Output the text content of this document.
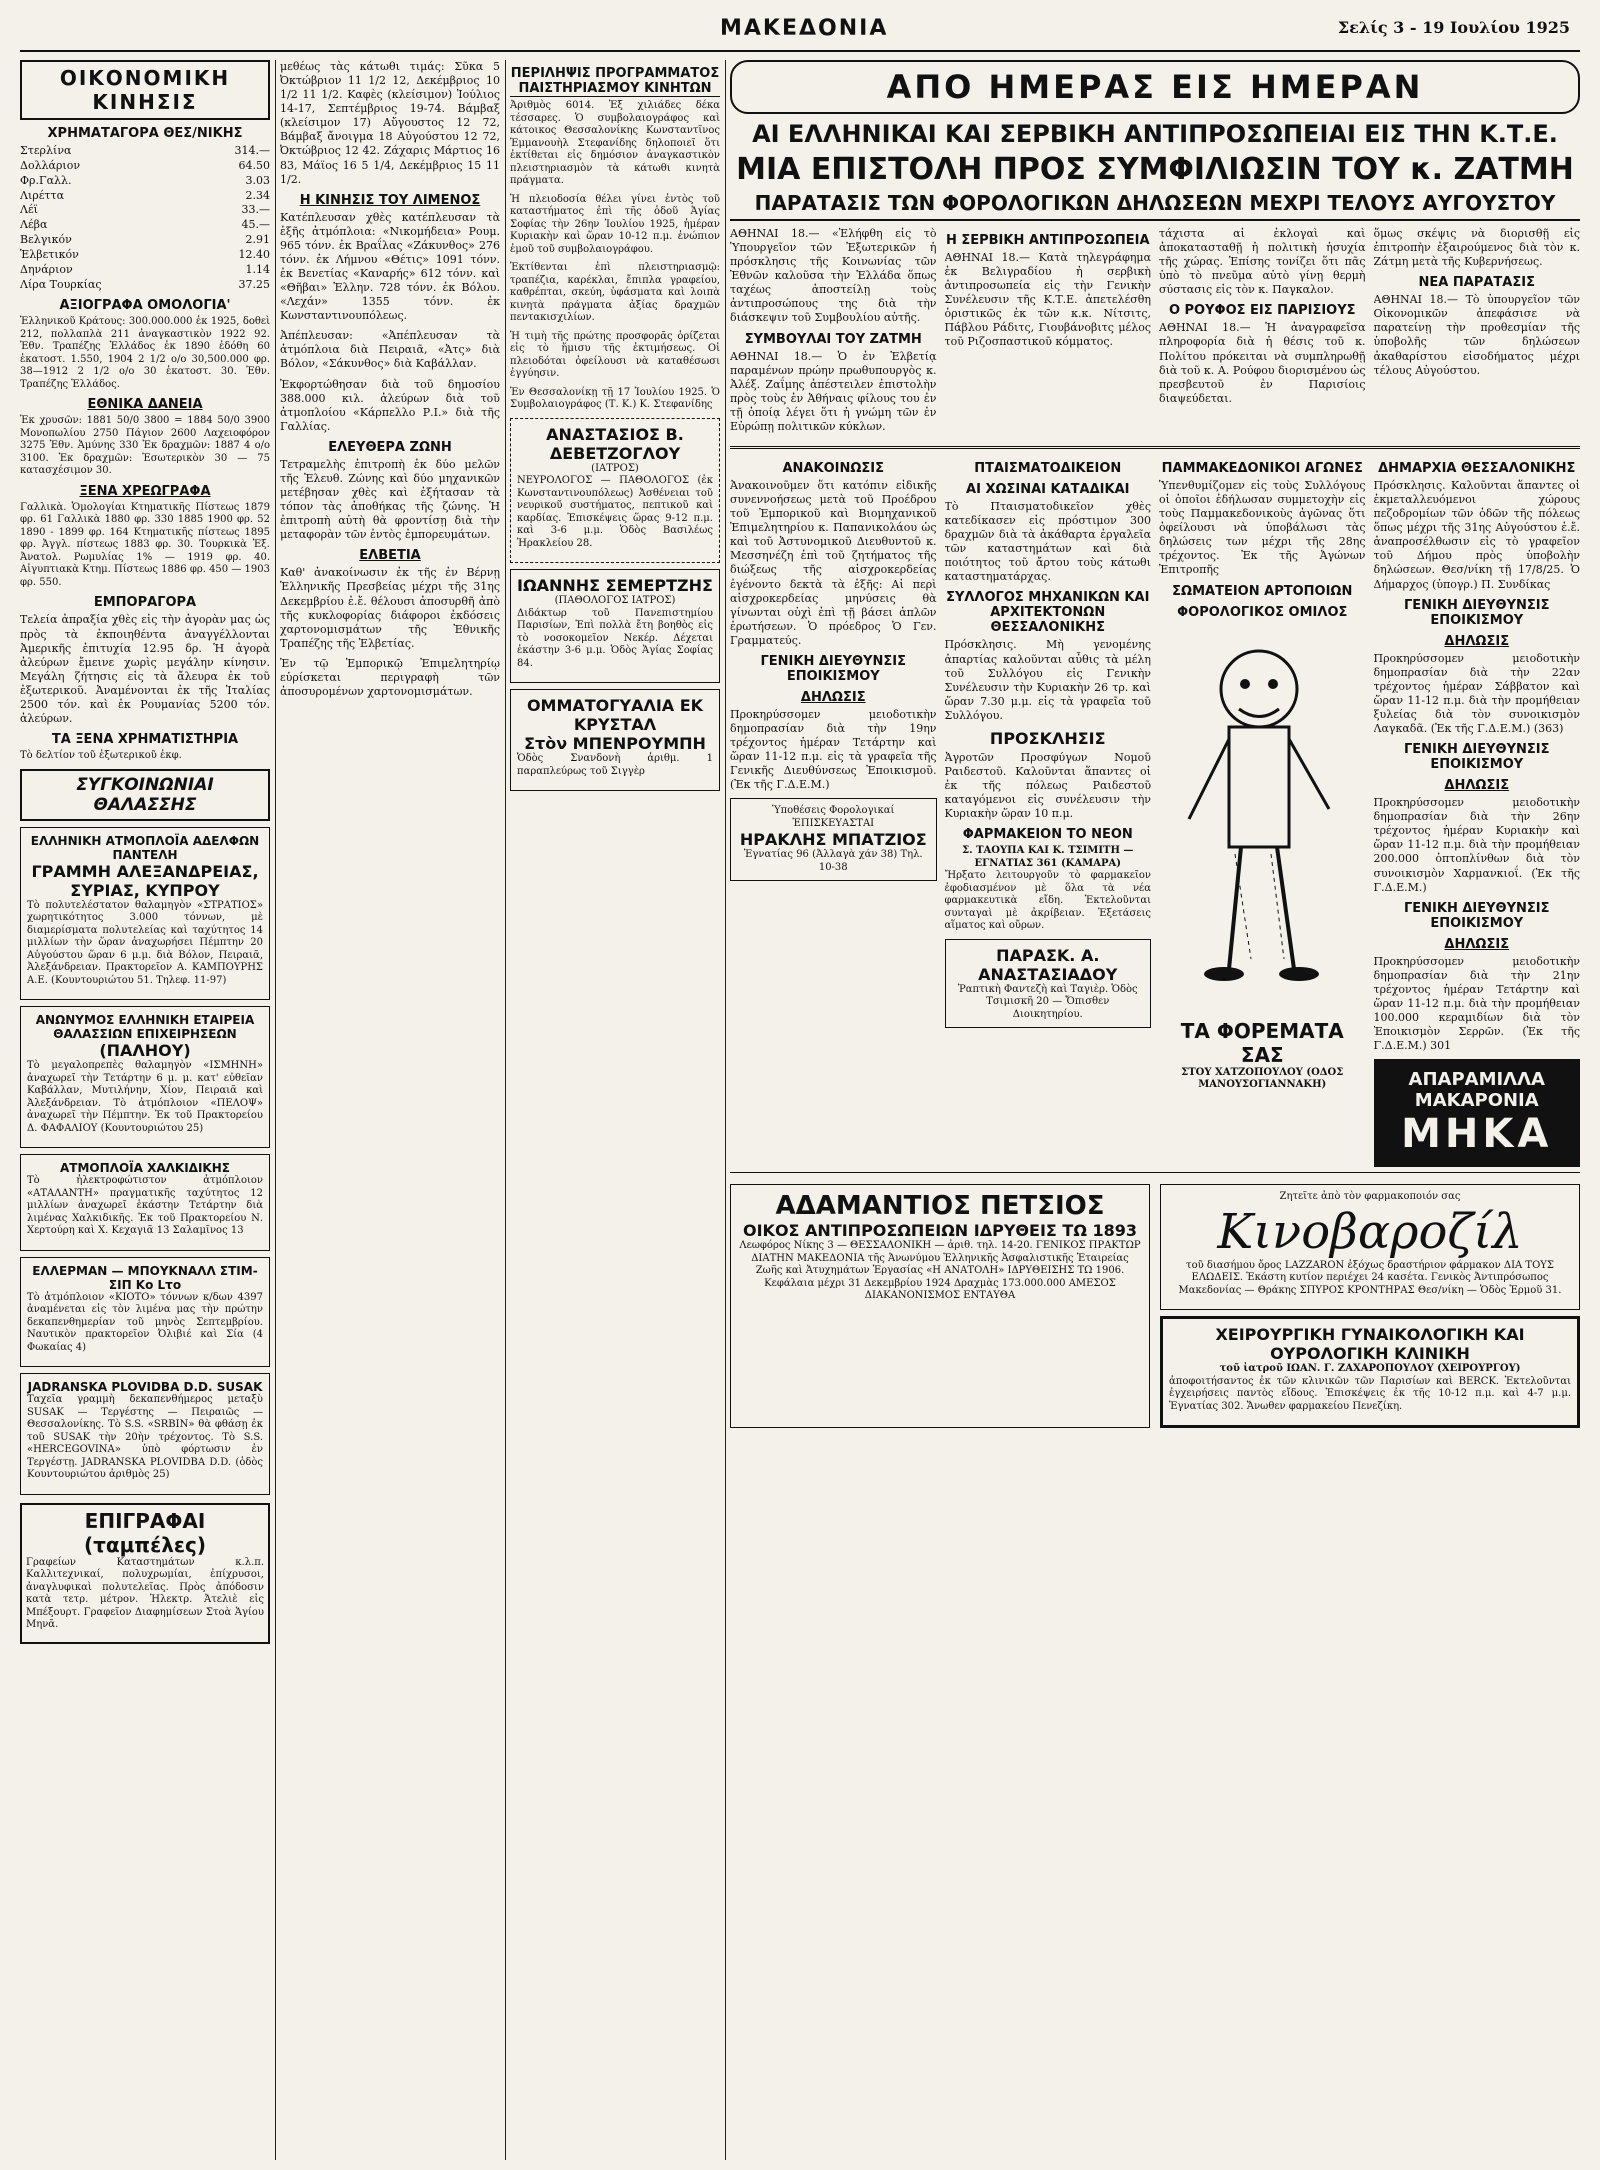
ΜΑΚΕΔΟΝΙΑ	Σελίς 3 - 19 Ιουλίου 1925
ΟΙΚΟΝΟΜΙΚΗ ΚΙΝΗΣΙΣ
ΧΡΗΜΑΤΑΓΟΡΑ ΘΕΣ/ΝΙΚΗΣ
Στερλίνα	314.—
Δολλάριον	64.50
Φρ.Γαλλ.	3.03
Λιρέττα	2.34
Λέϊ	33.—
Λέβα	45.—
Βελγικόν	2.91
Ἑλβετικόν	12.40
Δηνάριον	1.14
Λίρα Τουρκίας	37.25
ΑΞΙΟΓΡΑΦΑ ΟΜΟΛΟΓΙΑ'

Ἑλληνικοῦ Κράτους: 300.000.000 ἐκ 1925, δοθεὶ 212, πολλαπλὰ 211 ἀναγκαστικὸν 1922 92. Ἐθν. Τραπέζης Ἑλλάδος ἐκ 1890 ἐδόθη 60 ἑκατοστ. 1.550, 1904 2 1/2 ο/ο 30,500.000 φρ. 38—1912 2 1/2 ο/ο 30 ἑκατοστ. 30. Ἐθν. Τραπέζης Ἑλλάδος.

ΕΘΝΙΚΑ ΔΑΝΕΙΑ

Ἐκ χρυσῶν: 1881 50/0 3800 = 1884 50/0 3900 Μονοπωλίου 2750 Πάγιον 2600 Λαχειοφόρον 3275 Ἐθν. Ἀμύνης 330 Ἐκ δραχμῶν: 1887 4 ο/ο 3100. Ἐκ δραχμῶν: Ἐσωτερικὸν 30 — 75 κατασχέσιμον 30.

ΞΕΝΑ ΧΡΕΩΓΡΑΦΑ

Γαλλικὰ. Ὁμολογίαι Κτηματικῆς Πίστεως 1879 φρ. 61 Γαλλικὰ 1880 φρ. 330 1885 1900 φρ. 52 1890 - 1899 φρ. 164 Κτηματικῆς πίστεως 1895 φρ. Ἀγγλ. πίστεως 1883 φρ. 30. Τουρκικὰ Ἐξ. Ἀνατολ. Ρωμυλίας 1% — 1919 φρ. 40. Αἰγυπτιακὰ Κτημ. Πίστεως 1886 φρ. 450 — 1903 φρ. 550.

ΕΜΠΟΡΑΓΟΡΑ

Τελεία ἀπραξία χθὲς εἰς τὴν ἀγορὰν μας ὡς πρὸς τὰ ἐκποιηθέντα ἀναγγέλλονται Ἀμερικῆς ἐπιτυχία 12.95 δρ. Ἡ ἀγορὰ ἀλεύρων ἔμεινε χωρὶς μεγάλην κίνησιν. Μεγάλη ζήτησις εἰς τὰ ἄλευρα ἐκ τοῦ ἐξωτερικοῦ. Ἀναμένονται ἐκ τῆς Ἰταλίας 2500 τόν. καὶ ἐκ Ρουμανίας 5200 τόν. ἀλεύρων.

ΤΑ ΞΕΝΑ ΧΡΗΜΑΤΙΣΤΗΡΙΑ

Τὸ δελτίον τοῦ ἐξωτερικοῦ ἐκφ.

ΣΥΓΚΟΙΝΩΝΙΑΙ ΘΑΛΑΣΣΗΣ
ΕΛΛΗΝΙΚΗ ΑΤΜΟΠΛΟΪΑ ΑΔΕΛΦΩΝ ΠΑΝΤΕΛΗ
ΓΡΑΜΜΗ ΑΛΕΞΑΝΔΡΕΙΑΣ, ΣΥΡΙΑΣ, ΚΥΠΡΟΥ
Τὸ πολυτελέστατον θαλαμηγὸν «ΣΤΡΑΤΙΟΣ» χωρητικότητος 3.000 τόννων, μὲ διαμερίσματα πολυτελείας καὶ ταχύτητος 14 μιλλίων τὴν ὥραν ἀναχωρήσει Πέμπτην 20 Αὐγούστου ὥραν 6 μ.μ. διὰ Βόλον, Πειραιᾶ, Ἀλεξάνδρειαν. Πρακτορεῖον Α. ΚΑΜΠΟΥΡΗΣ Α.Ε. (Κουντουριώτου 51. Τηλεφ. 11-97)
ΑΝΩΝΥΜΟΣ ΕΛΛΗΝΙΚΗ ΕΤΑΙΡΕΙΑ ΘΑΛΑΣΣΙΩΝ ΕΠΙΧΕΙΡΗΣΕΩΝ
(ΠΑΛΗΟΥ)
Τὸ μεγαλοπρεπὲς θαλαμηγὸν «ΙΣΜΗΝΗ» ἀναχωρεῖ τὴν Τετάρτην 6 μ. μ. κατ' εὐθεῖαν Καβάλλαν, Μυτιλήνην, Χίον, Πειραιᾶ καὶ Ἀλεξάνδρειαν. Τὸ ἀτμόπλοιον «ΠΕΛΟΨ» ἀναχωρεῖ τὴν Πέμπτην. Ἐκ τοῦ Πρακτορείου Δ. ΦΑΦΑΛΙΟΥ (Κουντουριώτου 25)
ΑΤΜΟΠΛΟΪΑ ΧΑΛΚΙΔΙΚΗΣ
Τὸ ἠλεκτροφώτιστον ἀτμόπλοιον «ΑΤΑΛΑΝΤΗ» πραγματικῆς ταχύτητος 12 μιλλίων ἀναχωρεῖ ἑκάστην Τετάρτην διὰ λιμένας Χαλκιδικῆς. Ἐκ τοῦ Πρακτορείου Ν. Χερτούρη καὶ Χ. Κεχαγιᾶ 13 Σαλαμῖνος 13
ΕΛΛΕΡΜΑΝ — ΜΠΟΥΚΝΑΛΛ ΣΤΙΜ-ΣΙΠ Κο Lτο
Τὸ ἀτμόπλοιον «ΚΙΟΤΟ» τόννων κ/δων 4397 ἀναμένεται εἰς τὸν λιμένα μας τὴν πρώτην δεκαπενθημερίαν τοῦ μηνὸς Σεπτεμβρίου. Ναυτικὸν πρακτορεῖον Ὀλιβιέ καὶ Σία (4 Φωκαίας 4)
JADRANSKA PLOVIDBA D.D. SUSAK
Ταχεῖα γραμμὴ δεκαπενθήμερος μεταξὺ SUSAK — Τεργέστης — Πειραιῶς — Θεσσαλονίκης. Τὸ S.S. «SRBIN» θὰ φθάσῃ ἐκ τοῦ SUSAK τὴν 20ὴν τρέχοντος. Τὸ S.S. «HERCEGOVINA» ὑπὸ φόρτωσιν ἐν Τεργέστῃ. JADRANSKA PLOVIDBA D.D. (ὁδὸς Κουντουριώτου ἀριθμὸς 25)
ΕΠΙΓΡΑΦΑΙ (ταμπέλες)

Γραφείων Καταστημάτων κ.λ.π. Καλλιτεχνικαί, πολυχρωμίαι, ἐπίχρυσοι, ἀναγλυφικαὶ πολυτελεῖας. Πρὸς ἀπόδοσιν κατὰ τετρ. μέτρον. Ἠλεκτρ. Ἀτελιὲ εἰς Μπέξουρτ. Γραφεῖον Διαφημίσεων Στοὰ Ἁγίου Μηνᾶ.

μεθέως τὰς κάτωθι τιμάς: Σῦκα 5 Ὀκτώβριον 11 1/2 12, Δεκέμβριος 10 1/2 11 1/2. Καφὲς (κλείσιμον) Ἰούλιος 14-17, Σεπτέμβριος 19-74. Βάμβαξ (κλείσιμον 17) Αὔγουστος 12 72, Βάμβαξ ἄνοιγμα 18 Αὐγούστου 12 72, Ὀκτώβριος 12 42. Ζάχαρις Μάρτιος 16 83, Μάϊος 16 5 1/4, Δεκέμβριος 15 11 1/2.

Η ΚΙΝΗΣΙΣ ΤΟΥ ΛΙΜΕΝΟΣ

Κατέπλευσαν χθὲς κατέπλευσαν τὰ ἑξῆς ἀτμόπλοια: «Νικομήδεια» Ρουμ. 965 τόνν. ἐκ Βραΐλας «Ζάκυνθος» 276 τόνν. ἐκ Λήμνου «Θέτις» 1091 τόνν. ἐκ Βενετίας «Καναρής» 612 τόνν. καὶ «Θῆβαι» Ἑλλην. 728 τόνν. ἐκ Βόλου. «Λεχάν» 1355 τόνν. ἐκ Κωνσταντινουπόλεως.

Ἀπέπλευσαν: «Ἀπέπλευσαν τὰ ἀτμόπλοια διὰ Πειραιᾶ, «Ἀτς» διὰ Βόλον, «Σάκυνθος» διὰ Καβάλλαν.

Ἐκφορτώθησαν διὰ τοῦ δημοσίου 388.000 κιλ. ἀλεύρων διὰ τοῦ ἀτμοπλοίου «Κάρπελλο Ρ.Ι.» διὰ τῆς Γαλλίας.

ΕΛΕΥΘΕΡΑ ΖΩΝΗ

Τετραμελὴς ἐπιτροπὴ ἐκ δύο μελῶν τῆς Ἐλευθ. Ζώνης καὶ δύο μηχανικῶν μετέβησαν χθὲς καὶ ἐξήτασαν τὰ τόπον τὰς ἀποθήκας τῆς ζώνης. Ἡ ἐπιτροπὴ αὐτὴ θὰ φροντίσῃ διὰ τὴν μεταφορὰν τῶν ἐντὸς ἐμπορευμάτων.

ΕΛΒΕΤΙΑ

Καθ' ἀνακοίνωσιν ἐκ τῆς ἐν Βέρνῃ Ἑλληνικῆς Πρεσβείας μέχρι τῆς 31ης Δεκεμβρίου ἐ.ἔ. θέλουσι ἀποσυρθῆ ἀπὸ τῆς κυκλοφορίας διάφοροι ἐκδόσεις χαρτονομισμάτων τῆς Ἐθνικῆς Τραπέζης τῆς Ἑλβετίας.

Ἐν τῷ Ἐμπορικῷ Ἐπιμελητηρίῳ εὑρίσκεται περιγραφὴ τῶν ἀποσυρομένων χαρτονομισμάτων.

ΠΕΡΙΛΗΨΙΣ ΠΡΟΓΡΑΜΜΑΤΟΣ ΠΑΙΣΤΗΡΙΑΣΜΟΥ ΚΙΝΗΤΩΝ

Ἀριθμὸς 6014. Ἐξ χιλιάδες δέκα τέσσαρες. Ὁ συμβολαιογράφος καὶ κάτοικος Θεσσαλονίκης Κωνσταντῖνος Ἐμμανουὴλ Στεφανίδης δηλοποιεῖ ὅτι ἐκτίθεται εἰς δημόσιον ἀναγκαστικὸν πλειστηριασμὸν τὰ κάτωθι κινητὰ πράγματα.

Ἡ πλειοδοσία θέλει γίνει ἐντὸς τοῦ καταστήματος ἐπὶ τῆς ὁδοῦ Ἁγίας Σοφίας τὴν 26ην Ἰουλίου 1925, ἡμέραν Κυριακὴν καὶ ὥραν 10-12 π.μ. ἐνώπιον ἐμοῦ τοῦ συμβολαιογράφου.

Ἐκτίθενται ἐπὶ πλειστηριασμῷ: τραπέζια, καρέκλαι, ἔπιπλα γραφείου, καθρέπται, σκεύη, ὑφάσματα καὶ λοιπὰ κινητὰ πράγματα ἀξίας δραχμῶν πεντακισχιλίων.

Ἡ τιμὴ τῆς πρώτης προσφορᾶς ὁρίζεται εἰς τὸ ἥμισυ τῆς ἐκτιμήσεως. Οἱ πλειοδόται ὀφείλουσι νὰ καταθέσωσι ἐγγύησιν.

Ἐν Θεσσαλονίκῃ τῇ 17 Ἰουλίου 1925. Ὁ Συμβολαιογράφος (Τ. Κ.) Κ. Στεφανίδης

ΑΝΑΣΤΑΣΙΟΣ Β. ΔΕΒΕΤΖΟΓΛΟΥ
(ΙΑΤΡΟΣ)

ΝΕΥΡΟΛΟΓΟΣ — ΠΑΘΟΛΟΓΟΣ (ἐκ Κωνσταντινουπόλεως) Ἀσθένειαι τοῦ νευρικοῦ συστήματος, πεπτικοῦ καὶ καρδίας. Ἐπισκέψεις ὥρας 9-12 π.μ. καὶ 3-6 μ.μ. Ὁδὸς Βασιλέως Ἡρακλείου 28.

ΙΩΑΝΝΗΣ ΣΕΜΕΡΤΖΗΣ
(ΠΑΘΟΛΟΓΟΣ ΙΑΤΡΟΣ)

Διδάκτωρ τοῦ Πανεπιστημίου Παρισίων, Ἐπὶ πολλὰ ἔτη βοηθὸς εἰς τὸ νοσοκομεῖον Νεκέρ. Δέχεται ἐκάστην 3-6 μ.μ. Ὁδὸς Ἁγίας Σοφίας 84.

ΟΜΜΑΤΟΓΥΑΛΙΑ ΕΚ ΚΡΥΣΤΑΛ
Στὸν ΜΠΕΝΡΟΥΜΠΗ

Ὁδὸς Σνανδονὴ ἀριθμ. 1 παραπλεύρως τοῦ Σιγγὲρ

ΑΠΟ ΗΜΕΡΑΣ ΕΙΣ ΗΜΕΡΑΝ
ΑΙ ΕΛΛΗΝΙΚΑΙ ΚΑΙ ΣΕΡΒΙΚΗ ΑΝΤΙΠΡΟΣΩΠΕΙΑΙ ΕΙΣ ΤΗΝ Κ.Τ.Ε.
ΜΙΑ ΕΠΙΣΤΟΛΗ ΠΡΟΣ ΣΥΜΦΙΛΙΩΣΙΝ ΤΟΥ κ. ΖΑΤΜΗ
ΠΑΡΑΤΑΣΙΣ ΤΩΝ ΦΟΡΟΛΟΓΙΚΩΝ ΔΗΛΩΣΕΩΝ ΜΕΧΡΙ ΤΕΛΟΥΣ ΑΥΓΟΥΣΤΟΥ

ΑΘΗΝΑΙ 18.— «Ἐλήφθη εἰς τὸ Ὑπουργεῖον τῶν Ἐξωτερικῶν ἡ πρόσκλησις τῆς Κοινωνίας τῶν Ἐθνῶν καλοῦσα τὴν Ἑλλάδα ὅπως ταχέως ἀποστείλῃ τοὺς ἀντιπροσώπους της διὰ τὴν διάσκεψιν τοῦ Συμβουλίου αὐτῆς.

ΣΥΜΒΟΥΛΑΙ ΤΟΥ ΖΑΤΜΗ

ΑΘΗΝΑΙ 18.— Ὁ ἐν Ἑλβετίᾳ παραμένων πρώην πρωθυπουργὸς κ. Ἀλέξ. Ζαΐμης ἀπέστειλεν ἐπιστολὴν πρὸς τοὺς ἐν Ἀθήναις φίλους του ἐν τῇ ὁποίᾳ λέγει ὅτι ἡ γνώμη τῶν ἐν Εὐρώπῃ πολιτικῶν κύκλων.

Η ΣΕΡΒΙΚΗ ΑΝΤΙΠΡΟΣΩΠΕΙΑ

ΑΘΗΝΑΙ 18.— Κατὰ τηλεγράφημα ἐκ Βελιγραδίου ἡ σερβικὴ ἀντιπροσωπεία εἰς τὴν Γενικὴν Συνέλευσιν τῆς Κ.Τ.Ε. ἀπετελέσθη ὁριστικῶς ἐκ τῶν κ.κ. Νίτσιτς, Πάβλου Ράδιτς, Γιουβάνοβιτς μέλος τοῦ Ριζοσπαστικοῦ κόμματος.

τάχιστα αἱ ἐκλογαὶ καὶ ἀποκατασταθῇ ἡ πολιτικὴ ἡσυχία τῆς χώρας. Ἐπίσης τονίζει ὅτι πᾶς ὑπὸ τὸ πνεῦμα αὐτὸ γίνῃ θερμὴ σύστασις εἰς τὸν κ. Παγκαλον.

Ο ΡΟΥΦΟΣ ΕΙΣ ΠΑΡΙΣΙΟΥΣ

ΑΘΗΝΑΙ 18.— Ἡ ἀναγραφεῖσα πληροφορία διὰ ἡ θέσις τοῦ κ. Πολίτου πρόκειται νὰ συμπληρωθῇ διὰ τοῦ κ. Α. Ρούφου διορισμένου ὡς πρεσβευτοῦ ἐν Παρισίοις διαψεύδεται.

ὅμως σκέψις νὰ διορισθῇ εἰς ἐπιτροπὴν ἐξαιρούμενος διὰ τὸν κ. Ζάτμη μετὰ τῆς Κυβερνήσεως.

ΝΕΑ ΠΑΡΑΤΑΣΙΣ

ΑΘΗΝΑΙ 18.— Τὸ ὑπουργεῖον τῶν Οἰκονομικῶν ἀπεφάσισε νὰ παρατείνῃ τὴν προθεσμίαν τῆς ὑποβολῆς τῶν δηλώσεων ἀκαθαρίστου εἰσοδήματος μέχρι τέλους Αὐγούστου.

ΑΝΑΚΟΙΝΩΣΙΣ

Ἀνακοινοῦμεν ὅτι κατόπιν εἰδικῆς συνεννοήσεως μετὰ τοῦ Προέδρου τοῦ Ἐμπορικοῦ καὶ Βιομηχανικοῦ Ἐπιμελητηρίου κ. Παπανικολάου ὡς καὶ τοῦ Ἀστυνομικοῦ Διευθυντοῦ κ. Μεσσηνέζη ἐπὶ τοῦ ζητήματος τῆς διώξεως τῆς αἰσχροκερδείας ἐγένοντο δεκτὰ τὰ ἑξῆς: Αἱ περὶ αἰσχροκερδείας μηνύσεις θὰ γίνωνται οὐχὶ ἐπὶ τῇ βάσει ἁπλῶν ἐρωτήσεων. Ὁ πρόεδρος Ὁ Γεν. Γραμματεύς.

ΓΕΝΙΚΗ ΔΙΕΥΘΥΝΣΙΣ ΕΠΟΙΚΙΣΜΟΥ
ΔΗΛΩΣΙΣ

Προκηρύσσομεν μειοδοτικὴν δημοπρασίαν διὰ τὴν 19ην τρέχοντος ἡμέραν Τετάρτην καὶ ὥραν 11-12 π.μ. εἰς τὰ γραφεῖα τῆς Γενικῆς Διευθύνσεως Ἐποικισμοῦ. (Ἐκ τῆς Γ.Δ.Ε.Μ.)

Ὑποθέσεις Φορολογικαί ἘΠΙΣΚΕΥΑΣΤΑΙ
ΗΡΑΚΛΗΣ ΜΠΑΤΖΙΟΣ
Ἐγνατίας 96 (Ἀλλαγὰ χάν 38) Τηλ. 10-38
ΠΤΑΙΣΜΑΤΟΔΙΚΕΙΟΝ
ΑΙ ΧΩΣΙΝΑΙ ΚΑΤΑΔΙΚΑΙ

Τὸ Πταισματοδικεῖον χθὲς κατεδίκασεν εἰς πρόστιμον 300 δραχμῶν διὰ τὰ ἀκάθαρτα ἐργαλεῖα τῶν καταστημάτων καὶ διὰ ποιότητος τοῦ ἄρτου τοὺς κάτωθι καταστηματάρχας.

ΣΥΛΛΟΓΟΣ ΜΗΧΑΝΙΚΩΝ ΚΑΙ ΑΡΧΙΤΕΚΤΟΝΩΝ ΘΕΣΣΑΛΟΝΙΚΗΣ

Πρόσκλησις. Μὴ γενομένης ἀπαρτίας καλοῦνται αὖθις τὰ μέλη τοῦ Συλλόγου εἰς Γενικὴν Συνέλευσιν τὴν Κυριακὴν 26 τρ. καὶ ὥραν 7.30 μ.μ. εἰς τὰ γραφεῖα τοῦ Συλλόγου.

ΠΡΟΣΚΛΗΣΙΣ

Ἀγροτῶν Προσφύγων Νομοῦ Ραιδεστοῦ. Καλοῦνται ἅπαντες οἱ ἐκ τῆς πόλεως Ραιδεστοῦ καταγόμενοι εἰς συνέλευσιν τὴν Κυριακὴν ὥραν 10 π.μ.

ΦΑΡΜΑΚΕΙΟΝ ΤΟ ΝΕΟΝ
Σ. ΤΑΟΥΠΑ ΚΑΙ Κ. ΤΣΙΜΙΤΗ — ΕΓΝΑΤΙΑΣ 361 (ΚΑΜΑΡΑ)

Ἤρξατο λειτουργοῦν τὸ φαρμακεῖον ἐφοδιασμένον μὲ ὅλα τὰ νέα φαρμακευτικὰ εἴδη. Ἐκτελοῦνται συνταγαὶ μὲ ἀκρίβειαν. Ἐξετάσεις αἵματος καὶ οὔρων.

ΠΑΡΑΣΚ. Α. ΑΝΑΣΤΑΣΙΑΔΟΥ
Ῥαπτικὴ Φαντεζὴ καὶ Ταγιὲρ. Ὁδὸς Τσιμισκῆ 20 — Ὄπισθεν Διοικητηρίου.
ΠΑΜΜΑΚΕΔΟΝΙΚΟΙ ΑΓΩΝΕΣ

Ὑπενθυμίζομεν εἰς τοὺς Συλλόγους οἱ ὁποῖοι ἐδήλωσαν συμμετοχὴν εἰς τοὺς Παμμακεδονικοὺς ἀγῶνας ὅτι ὀφείλουσι νὰ ὑποβάλωσι τὰς δηλώσεις των μέχρι τῆς 28ης τρέχοντος. Ἐκ τῆς Ἀγώνων Ἐπιτροπῆς

ΣΩΜΑΤΕΙΟΝ ΑΡΤΟΠΟΙΩΝ
ΦΟΡΟΛΟΓΙΚΟΣ ΟΜΙΛΟΣ
ΤΑ ΦΟΡΕΜΑΤΑ ΣΑΣ
ΣΤΟΥ ΧΑΤΖΟΠΟΥΛΟΥ (ΟΔΟΣ ΜΑΝΟΥΣΟΓΙΑΝΝΑΚΗ)
ΔΗΜΑΡΧΙΑ ΘΕΣΣΑΛΟΝΙΚΗΣ

Πρόσκλησις. Καλοῦνται ἅπαντες οἱ ἐκμεταλλευόμενοι χώρους πεζοδρομίων τῶν ὁδῶν τῆς πόλεως ὅπως μέχρι τῆς 31ης Αὐγούστου ἐ.ἔ. ἀναπροσέλθωσιν εἰς τὸ γραφεῖον τοῦ Δήμου πρὸς ὑποβολὴν δηλώσεων. Θεσ/νίκη τῇ 17/8/25. Ὁ Δήμαρχος (ὑπογρ.) Π. Συνδίκας

ΓΕΝΙΚΗ ΔΙΕΥΘΥΝΣΙΣ ΕΠΟΙΚΙΣΜΟΥ
ΔΗΛΩΣΙΣ

Προκηρύσσομεν μειοδοτικὴν δημοπρασίαν διὰ τὴν 22αν τρέχοντος ἡμέραν Σάββατον καὶ ὥραν 11-12 π.μ. διὰ τὴν προμήθειαν ξυλείας διὰ τὸν συνοικισμὸν Λαγκαδᾶ. (Ἐκ τῆς Γ.Δ.Ε.Μ.) (363)

ΓΕΝΙΚΗ ΔΙΕΥΘΥΝΣΙΣ ΕΠΟΙΚΙΣΜΟΥ
ΔΗΛΩΣΙΣ

Προκηρύσσομεν μειοδοτικὴν δημοπρασίαν διὰ τὴν 26ην τρέχοντος ἡμέραν Κυριακὴν καὶ ὥραν 11-12 π.μ. διὰ τὴν προμήθειαν 200.000 ὀπτοπλίνθων διὰ τὸν συνοικισμὸν Χαρμανκιοΐ. (Ἐκ τῆς Γ.Δ.Ε.Μ.)

ΓΕΝΙΚΗ ΔΙΕΥΘΥΝΣΙΣ ΕΠΟΙΚΙΣΜΟΥ
ΔΗΛΩΣΙΣ

Προκηρύσσομεν μειοδοτικὴν δημοπρασίαν διὰ τὴν 21ην τρέχοντος ἡμέραν Τετάρτην καὶ ὥραν 11-12 π.μ. διὰ τὴν προμήθειαν 100.000 κεραμιδίων διὰ τὸν Ἐποικισμὸν Σερρῶν. (Ἐκ τῆς Γ.Δ.Ε.Μ.) 301

ΑΠΑΡΑΜΙΛΛΑ ΜΑΚΑΡΟΝΙΑ
ΜΗΚΑ
ΑΔΑΜΑΝΤΙΟΣ ΠΕΤΣΙΟΣ
ΟΙΚΟΣ ΑΝΤΙΠΡΟΣΩΠΕΙΩΝ ΙΔΡΥΘΕΙΣ ΤΩ 1893

Λεωφόρος Νίκης 3 — ΘΕΣΣΑΛΟΝΙΚΗ — ἀριθ. τηλ. 14-20. ΓΕΝΙΚΟΣ ΠΡΑΚΤΩΡ ΔΙΑΤΗΝ ΜΑΚΕΔΟΝΙΑ τῆς Ἀνωνύμου Ἑλληνικῆς Ἀσφαλιστικῆς Ἑταιρείας Ζωῆς καὶ Ἀτυχημάτων Ἐργασίας «Η ΑΝΑΤΟΛΗ» ΙΔΡΥΘΕΙΣΗΣ ΤΩ 1906. Κεφάλαια μέχρι 31 Δεκεμβρίου 1924 Δραχμὰς 173.000.000 ΑΜΕΣΟΣ ΔΙΑΚΑΝΟΝΙΣΜΟΣ ΕΝΤΑΥΘΑ

Ζητεῖτε ἀπὸ τὸν φαρμακοποιόν σας
Κινοβαροζίλ

τοῦ διασήμου ὄρος LAZZARON ἐξόχως δραστήριον φάρμακον ΔΙΑ ΤΟΥΣ ΕΛΩΔΕΙΣ. Ἑκάστη κυτίον περιέχει 24 κασέτα. Γενικὸς Ἀντιπρόσωπος Μακεδονίας — Θράκης ΣΠΥΡΟΣ ΚΡΟΝΤΗΡΑΣ Θεσ/νίκη — Ὁδὸς Ἑρμοῦ 31.

ΧΕΙΡΟΥΡΓΙΚΗ ΓΥΝΑΙΚΟΛΟΓΙΚΗ ΚΑΙ ΟΥΡΟΛΟΓΙΚΗ ΚΛΙΝΙΚΗ
τοῦ ἰατροῦ ΙΩΑΝ. Γ. ΖΑΧΑΡΟΠΟΥΛΟΥ (ΧΕΙΡΟΥΡΓΟΥ)

ἀποφοιτήσαντος ἐκ τῶν κλινικῶν τῶν Παρισίων καὶ BERCK. Ἐκτελοῦνται ἐγχειρήσεις παντὸς εἴδους. Ἐπισκέψεις ἐκ τῆς 10-12 π.μ. καὶ 4-7 μ.μ. Ἐγνατίας 302. Ἄνωθεν φαρμακείου Πενεζίκη.
